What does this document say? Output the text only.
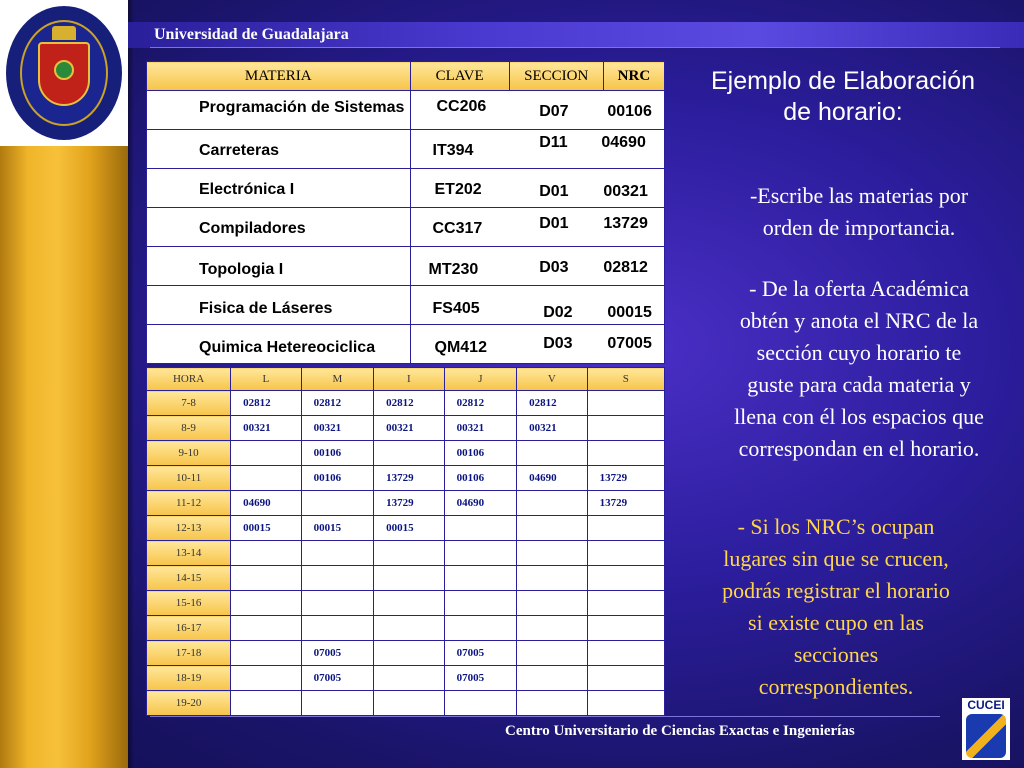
Universidad de Guadalajara
MATERIA	CLAVE	SECCION	NRC

Programación de Sistemas	CC206	D07	00106

Carreteras	IT394	D11	04690

Electrónica I	ET202	D01	00321

Compiladores	CC317	D01	13729

Topologia I	MT230	D03	02812

Fisica de Láseres	FS405	D02	00015

Quimica Hetereociclica	QM412	D03	07005
HORA	L	M	I	J	V	S
7-8	02812	02812	02812	02812	02812	
8-9	00321	00321	00321	00321	00321	
9-10		00106		00106		
10-11		00106	13729	00106	04690	13729
11-12	04690		13729	04690		13729
12-13	00015	00015	00015			
13-14						
14-15						
15-16						
16-17						
17-18		07005		07005		
18-19		07005		07005		
19-20						
Ejemplo de Elaboración
de horario:
-Escribe las materias por
orden de importancia.
- De la oferta Académica
obtén y anota el NRC de la
sección cuyo horario te
guste para cada materia y
llena con él los espacios que
correspondan en el horario.
- Si los NRC’s ocupan
lugares sin que se crucen,
podrás registrar el horario
si existe cupo en las
secciones
correspondientes.
Centro Universitario de Ciencias Exactas e Ingenierías
CUCEI
